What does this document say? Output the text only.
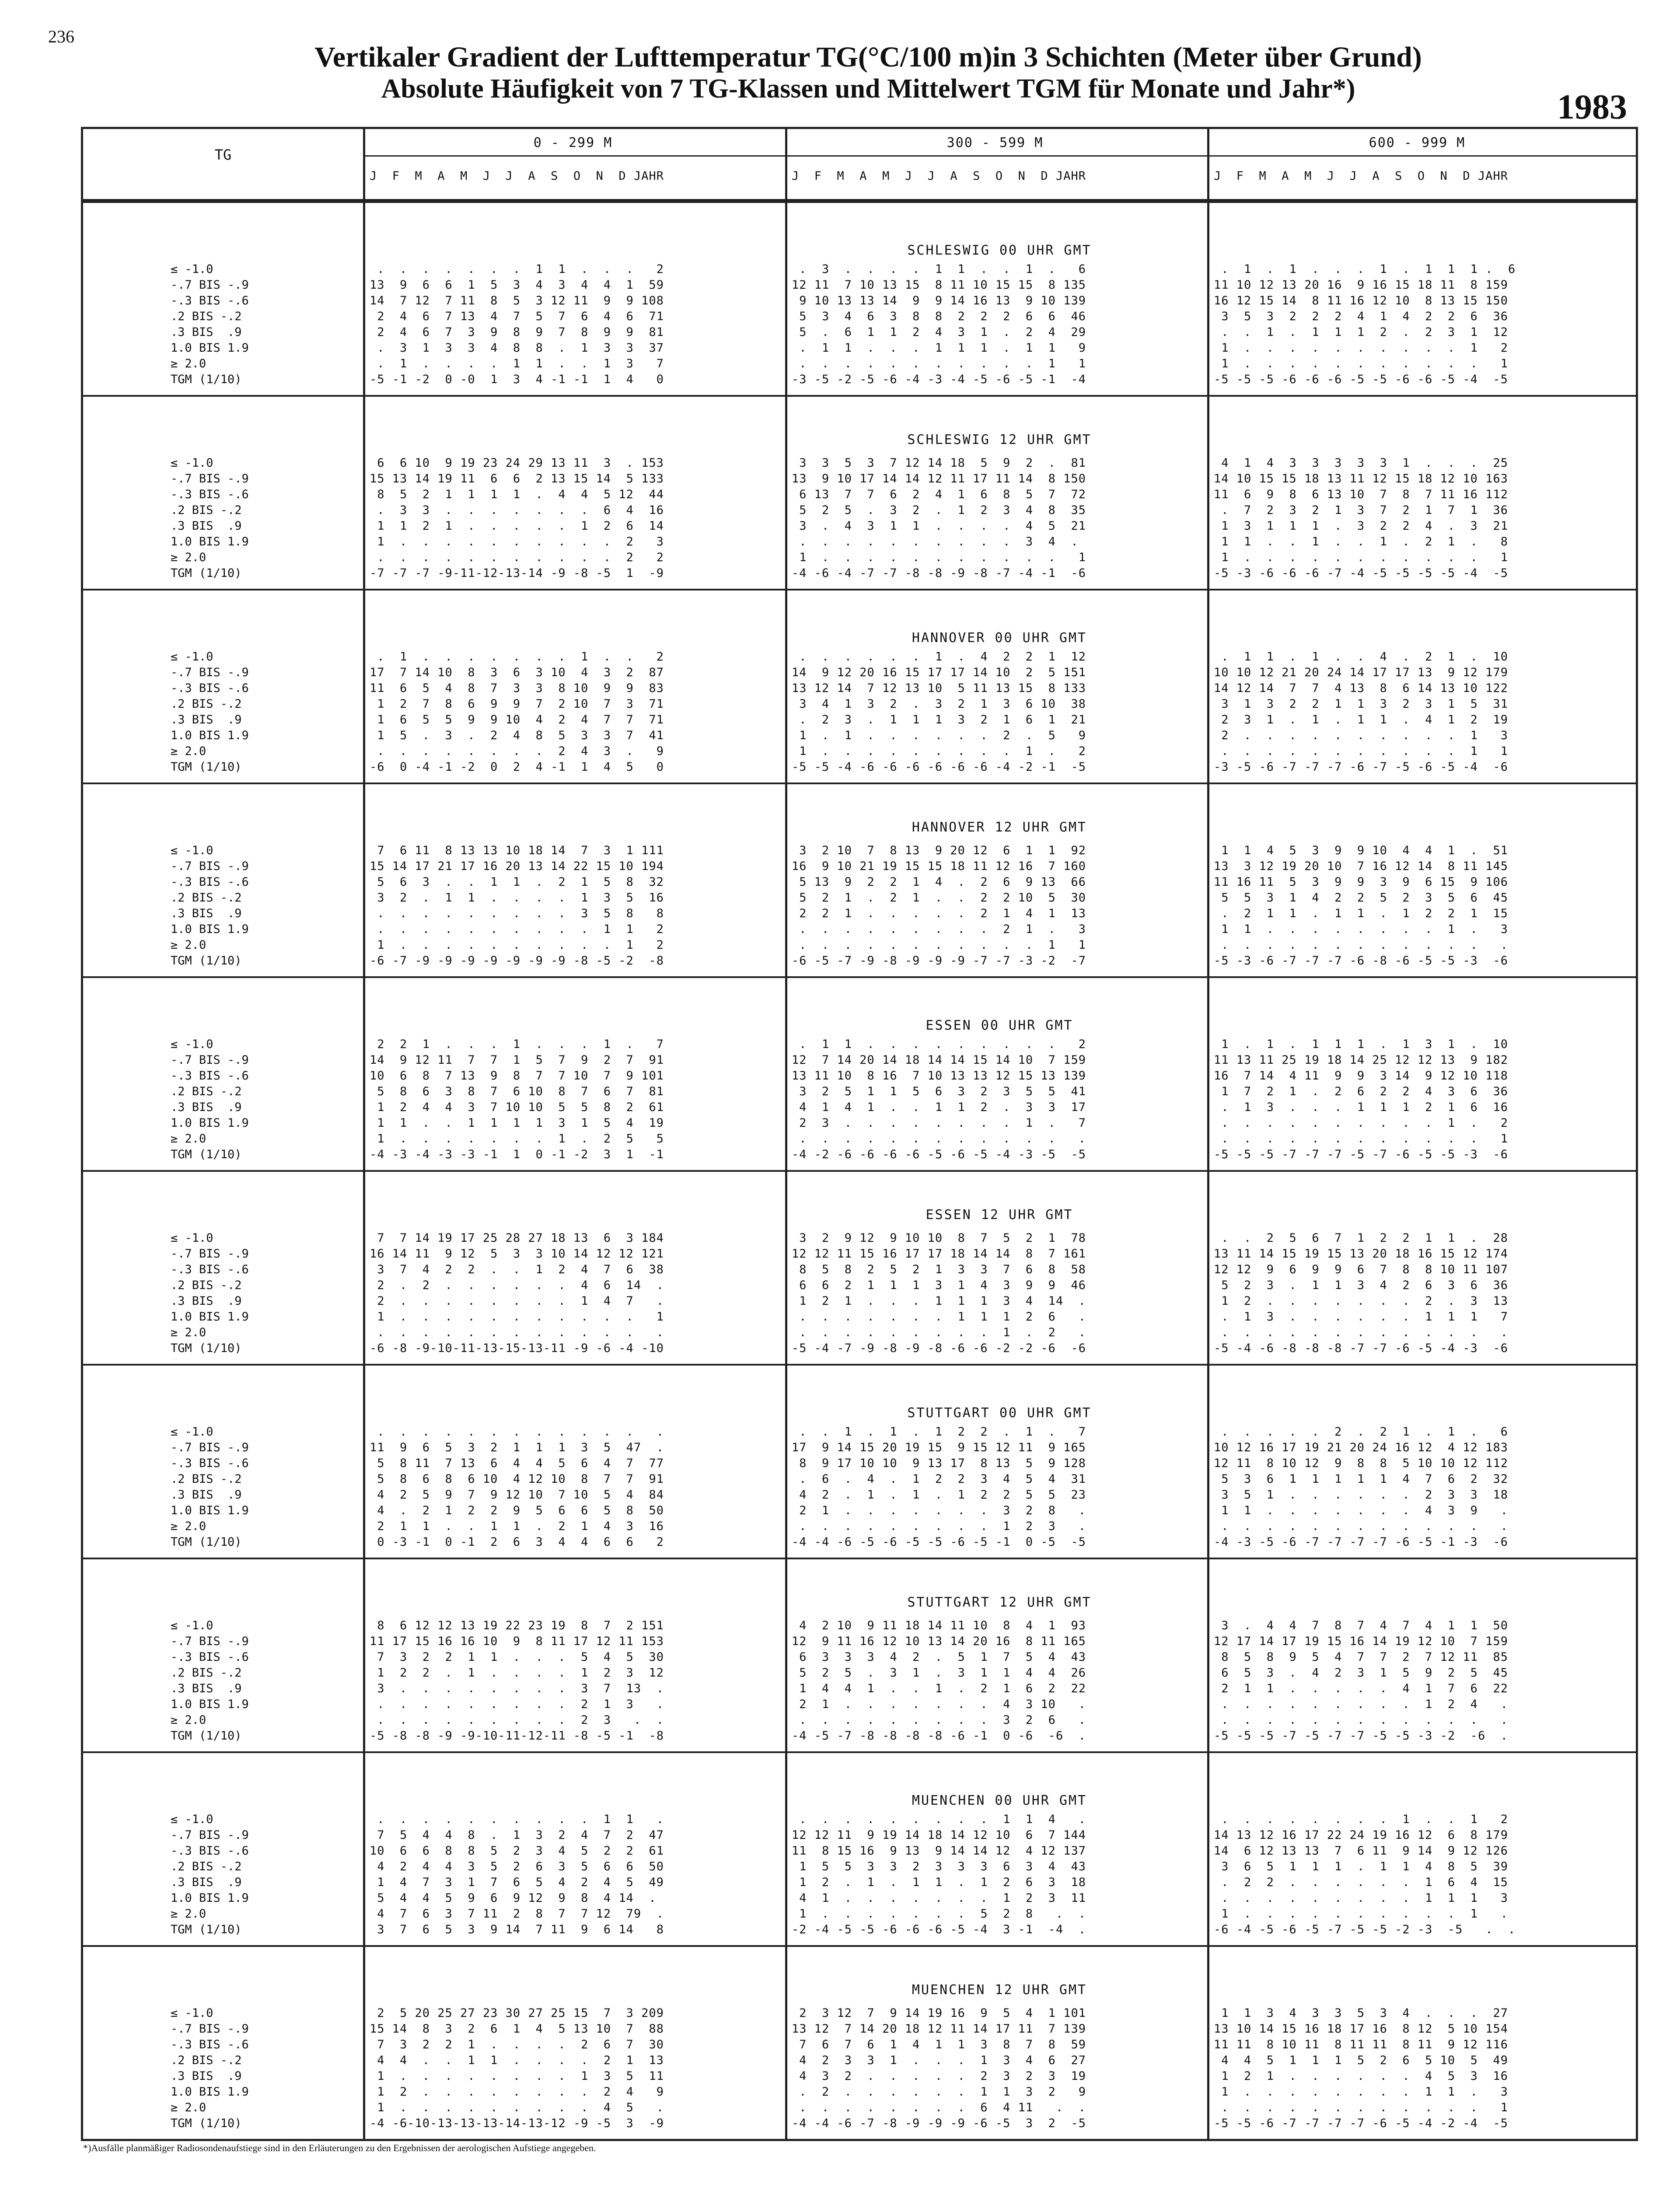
236
Vertikaler Gradient der Lufttemperatur TG(°C/100 m)in 3 Schichten (Meter über Grund)
Absolute Häufigkeit von 7 TG-Klassen und Mittelwert TGM für Monate und Jahr*)	1983
TG
0 - 299 M	300 - 599 M	600 - 999 M
J  F  M  A  M  J  J  A  S  O  N  D JAHR	J  F  M  A  M  J  J  A  S  O  N  D JAHR	J  F  M  A  M  J  J  A  S  O  N  D JAHR
SCHLESWIG 00 UHR GMT
≤ -1.0	.  .  .  .  .  .  .  1  1  .  .  .   2	.  3  .  .  .  .  1  1  .  .  1  .   6	.  1  .  1  .  .  .  1  .  1  1  1 .  6
-.7 BIS -.9	13  9  6  6  1  5  3  4  3  4  4  1  59	12 11  7 10 13 15  8 11 10 15 15  8 135	11 10 12 13 20 16  9 16 15 18 11  8 159
-.3 BIS -.6	14  7 12  7 11  8  5  3 12 11  9  9 108	9 10 13 13 14  9  9 14 16 13  9 10 139	16 12 15 14  8 11 16 12 10  8 13 15 150
.2 BIS -.2	2  4  6  7 13  4  7  5  7  6  4  6  71	5  3  4  6  3  8  8  2  2  2  6  6  46	3  5  3  2  2  2  4  1  4  2  2  6  36
.3 BIS  .9	2  4  6  7  3  9  8  9  7  8  9  9  81	5  .  6  1  1  2  4  3  1  .  2  4  29	.  .  1  .  1  1  1  2  .  2  3  1  12
1.0 BIS 1.9	.  3  1  3  3  4  8  8  .  1  3  3  37	.  1  1  .  .  .  1  1  1  .  1  1   9	1  .  .  .  .  .  .  .  .  .  .  1   2
≥ 2.0	.  1  .  .  .  .  1  1  .  .  1  3   7	.  .  .  .  .  .  .  .  .  .  .  1   1	1  .  .  .  .  .  .  .  .  .  .  .   1
TGM (1/10)	-5 -1 -2  0 -0  1  3  4 -1 -1  1  4   0	-3 -5 -2 -5 -6 -4 -3 -4 -5 -6 -5 -1  -4	-5 -5 -5 -6 -6 -6 -5 -5 -6 -6 -5 -4  -5
SCHLESWIG 12 UHR GMT
≤ -1.0	6  6 10  9 19 23 24 29 13 11  3  . 153	3  3  5  3  7 12 14 18  5  9  2  .  81	4  1  4  3  3  3  3  3  1  .  .  .  25
-.7 BIS -.9	15 13 14 19 11  6  6  2 13 15 14  5 133	13  9 10 17 14 14 12 11 17 11 14  8 150	14 10 15 15 18 13 11 12 15 18 12 10 163
-.3 BIS -.6	8  5  2  1  1  1  1  .  4  4  5 12  44	6 13  7  7  6  2  4  1  6  8  5  7  72	11  6  9  8  6 13 10  7  8  7 11 16 112
.2 BIS -.2	.  3  3  .  .  .  .  .  .  .  6  4  16	5  2  5  .  3  2  .  1  2  3  4  8  35	.  7  2  3  2  1  3  7  2  1  7  1  36
.3 BIS  .9	1  1  2  1  .  .  .  .  .  1  2  6  14	3  .  4  3  1  1  .  .  .  .  4  5  21	1  3  1  1  1  .  3  2  2  4  .  3  21
1.0 BIS 1.9	1  .  .  .  .  .  .  .  .  .  .  2   3	.  .  .  .  .  .  .  .  .  .  3  4  .	1  1  .  .  1  .  .  1  .  2  1  .   8
≥ 2.0	.  .  .  .  .  .  .  .  .  .  .  2   2	1  .  .  .  .  .  .  .  .  .  .  .   1	1  .  .  .  .  .  .  .  .  .  .  .   1
TGM (1/10)	-7 -7 -7 -9-11-12-13-14 -9 -8 -5  1  -9	-4 -6 -4 -7 -7 -8 -8 -9 -8 -7 -4 -1  -6	-5 -3 -6 -6 -6 -7 -4 -5 -5 -5 -5 -4  -5
HANNOVER 00 UHR GMT
≤ -1.0	.  1  .  .  .  .  .  .  .  1  .  .   2	.  .  .  .  .  .  1  .  4  2  2  1  12	.  1  1  .  1  .  .  4  .  2  1  .  10
-.7 BIS -.9	17  7 14 10  8  3  6  3 10  4  3  2  87	14  9 12 20 16 15 17 17 14 10  2  5 151	10 10 12 21 20 24 14 17 17 13  9 12 179
-.3 BIS -.6	11  6  5  4  8  7  3  3  8 10  9  9  83	13 12 14  7 12 13 10  5 11 13 15  8 133	14 12 14  7  7  4 13  8  6 14 13 10 122
.2 BIS -.2	1  2  7  8  6  9  9  7  2 10  7  3  71	3  4  1  3  2  .  3  2  1  3  6 10  38	3  1  3  2  2  1  1  3  2  3  1  5  31
.3 BIS  .9	1  6  5  5  9  9 10  4  2  4  7  7  71	.  2  3  .  1  1  1  3  2  1  6  1  21	2  3  1  .  1  .  1  1  .  4  1  2  19
1.0 BIS 1.9	1  5  .  3  .  2  4  8  5  3  3  7  41	1  .  1  .  .  .  .  .  .  2  .  5   9	2  .  .  .  .  .  .  .  .  .  .  1   3
≥ 2.0	.  .  .  .  .  .  .  .  2  4  3  .   9	1  .  .  .  .  .  .  .  .  .  1  .   2	.  .  .  .  .  .  .  .  .  .  .  1   1
TGM (1/10)	-6  0 -4 -1 -2  0  2  4 -1  1  4  5   0	-5 -5 -4 -6 -6 -6 -6 -6 -6 -4 -2 -1  -5	-3 -5 -6 -7 -7 -7 -6 -7 -5 -6 -5 -4  -6
HANNOVER 12 UHR GMT
≤ -1.0	7  6 11  8 13 13 10 18 14  7  3  1 111	3  2 10  7  8 13  9 20 12  6  1  1  92	1  1  4  5  3  9  9 10  4  4  1  .  51
-.7 BIS -.9	15 14 17 21 17 16 20 13 14 22 15 10 194	16  9 10 21 19 15 15 18 11 12 16  7 160	13  3 12 19 20 10  7 16 12 14  8 11 145
-.3 BIS -.6	5  6  3  .  .  1  1  .  2  1  5  8  32	5 13  9  2  2  1  4  .  2  6  9 13  66	11 16 11  5  3  9  9  3  9  6 15  9 106
.2 BIS -.2	3  2  .  1  1  .  .  .  .  1  3  5  16	5  2  1  .  2  1  .  .  2  2 10  5  30	5  5  3  1  4  2  2  5  2  3  5  6  45
.3 BIS  .9	.  .  .  .  .  .  .  .  .  3  5  8   8	2  2  1  .  .  .  .  .  2  1  4  1  13	.  2  1  1  .  1  1  .  1  2  2  1  15
1.0 BIS 1.9	.  .  .  .  .  .  .  .  .  .  1  1   2	.  .  .  .  .  .  .  .  .  2  1  .   3	1  1  .  .  .  .  .  .  .  .  1  .   3
≥ 2.0	1  .  .  .  .  .  .  .  .  .  .  1   2	.  .  .  .  .  .  .  .  .  .  .  1   1	.  .  .  .  .  .  .  .  .  .  .  .   .
TGM (1/10)	-6 -7 -9 -9 -9 -9 -9 -9 -9 -8 -5 -2  -8	-6 -5 -7 -9 -8 -9 -9 -9 -7 -7 -3 -2  -7	-5 -3 -6 -7 -7 -7 -6 -8 -6 -5 -5 -3  -6
ESSEN 00 UHR GMT
≤ -1.0	2  2  1  .  .  .  1  .  .  .  1  .   7	.  1  1  .  .  .  .  .  .  .  .  .   2	1  .  1  .  1  1  1  .  1  3  1  .  10
-.7 BIS -.9	14  9 12 11  7  7  1  5  7  9  2  7  91	12  7 14 20 14 18 14 14 15 14 10  7 159	11 13 11 25 19 18 14 25 12 12 13  9 182
-.3 BIS -.6	10  6  8  7 13  9  8  7  7 10  7  9 101	13 11 10  8 16  7 10 13 13 12 15 13 139	16  7 14  4 11  9  9  3 14  9 12 10 118
.2 BIS -.2	5  8  6  3  8  7  6 10  8  7  6  7  81	3  2  5  1  1  5  6  3  2  3  5  5  41	1  7  2  1  .  2  6  2  2  4  3  6  36
.3 BIS  .9	1  2  4  4  3  7 10 10  5  5  8  2  61	4  1  4  1  .  .  1  1  2  .  3  3  17	.  1  3  .  .  .  1  1  1  2  1  6  16
1.0 BIS 1.9	1  1  .  .  1  1  1  1  3  1  5  4  19	2  3  .  .  .  .  .  .  .  .  1  .   7	.  .  .  .  .  .  .  .  .  .  1  .   2
≥ 2.0	1  .  .  .  .  .  .  .  1  .  2  5   5	.  .  .  .  .  .  .  .  .  .  .  .   .	.  .  .  .  .  .  .  .  .  .  .  .   1
TGM (1/10)	-4 -3 -4 -3 -3 -1  1  0 -1 -2  3  1  -1	-4 -2 -6 -6 -6 -6 -5 -6 -5 -4 -3 -5  -5	-5 -5 -5 -7 -7 -7 -5 -7 -6 -5 -5 -3  -6
ESSEN 12 UHR GMT
≤ -1.0	7  7 14 19 17 25 28 27 18 13  6  3 184	3  2  9 12  9 10 10  8  7  5  2  1  78	.  .  2  5  6  7  1  2  2  1  1  .  28
-.7 BIS -.9	16 14 11  9 12  5  3  3 10 14 12 12 121	12 12 11 15 16 17 17 18 14 14  8  7 161	13 11 14 15 19 15 13 20 18 16 15 12 174
-.3 BIS -.6	3  7  4  2  2  .  .  1  2  4  7  6  38	8  5  8  2  5  2  1  3  3  7  6  8  58	12 12  9  6  9  9  6  7  8  8 10 11 107
.2 BIS -.2	2  .  2  .  .  .  .  .  .  4  6  14  .	6  6  2  1  1  1  3  1  4  3  9  9  46	5  2  3  .  1  1  3  4  2  6  3  6  36
.3 BIS  .9	2  .  .  .  .  .  .  .  .  1  4  7   .	1  2  1  .  .  .  1  1  1  3  4  14  .	1  2  .  .  .  .  .  .  .  2  .  3  13
1.0 BIS 1.9	1  .  .  .  .  .  .  .  .  .  .  .   1	.  .  .  .  .  .  .  1  1  1  2  6   .	.  1  3  .  .  .  .  .  .  1  1  1   7
≥ 2.0	.  .  .  .  .  .  .  .  .  .  .  .   .	.  .  .  .  .  .  .  .  .  1  .  2   .	.  .  .  .  .  .  .  .  .  .  .  .   .
TGM (1/10)	-6 -8 -9-10-11-13-15-13-11 -9 -6 -4 -10	-5 -4 -7 -9 -8 -9 -8 -6 -6 -2 -2 -6  -6	-5 -4 -6 -8 -8 -8 -7 -7 -6 -5 -4 -3  -6
STUTTGART 00 UHR GMT
≤ -1.0	.  .  .  .  .  .  .  .  .  .  .  .   .	.  .  1  .  1  .  1  2  2  .  1  .   7	.  .  .  .  .  2  .  2  1  .  1  .   6
-.7 BIS -.9	11  9  6  5  3  2  1  1  1  3  5  47  .	17  9 14 15 20 19 15  9 15 12 11  9 165	10 12 16 17 19 21 20 24 16 12  4 12 183
-.3 BIS -.6	5  8 11  7 13  6  4  4  5  6  4  7  77	8  9 17 10 10  9 13 17  8 13  5  9 128	12 11  8 10 12  9  8  8  5 10 10 12 112
.2 BIS -.2	5  8  6  8  6 10  4 12 10  8  7  7  91	.  6  .  4  .  1  2  2  3  4  5  4  31	5  3  6  1  1  1  1  1  4  7  6  2  32
.3 BIS  .9	4  2  5  9  7  9 12 10  7 10  5  4  84	4  2  .  1  .  1  .  1  2  2  5  5  23	3  5  1  .  .  .  .  .  .  2  3  3  18
1.0 BIS 1.9	4  .  2  1  2  2  9  5  6  6  5  8  50	2  1  .  .  .  .  .  .  .  3  2  8   .	1  1  .  .  .  .  .  .  .  4  3  9   .
≥ 2.0	2  1  1  .  .  1  1  .  2  1  4  3  16	.  .  .  .  .  .  .  .  .  1  2  3   .	.  .  .  .  .  .  .  .  .  .  .  .   .
TGM (1/10)	0 -3 -1  0 -1  2  6  3  4  4  6  6   2	-4 -4 -6 -5 -6 -5 -5 -6 -5 -1  0 -5  -5	-4 -3 -5 -6 -7 -7 -7 -7 -6 -5 -1 -3  -6
STUTTGART 12 UHR GMT
≤ -1.0	8  6 12 12 13 19 22 23 19  8  7  2 151	4  2 10  9 11 18 14 11 10  8  4  1  93	3  .  4  4  7  8  7  4  7  4  1  1  50
-.7 BIS -.9	11 17 15 16 16 10  9  8 11 17 12 11 153	12  9 11 16 12 10 13 14 20 16  8 11 165	12 17 14 17 19 15 16 14 19 12 10  7 159
-.3 BIS -.6	7  3  2  2  1  1  .  .  .  5  4  5  30	6  3  3  3  4  2  .  5  1  7  5  4  43	8  5  8  9  5  4  7  7  2  7 12 11  85
.2 BIS -.2	1  2  2  .  1  .  .  .  .  1  2  3  12	5  2  5  .  3  1  .  3  1  1  4  4  26	6  5  3  .  4  2  3  1  5  9  2  5  45
.3 BIS  .9	3  .  .  .  .  .  .  .  .  3  7  13  .	1  4  4  1  .  .  1  .  2  1  6  2  22	2  1  1  .  .  .  .  .  4  1  7  6  22
1.0 BIS 1.9	.  .  .  .  .  .  .  .  .  2  1  3   .	2  1  .  .  .  .  .  .  .  4  3 10   .	.  .  .  .  .  .  .  .  .  1  2  4   .
≥ 2.0	.  .  .  .  .  .  .  .  .  2  3   .  .	.  .  .  .  .  .  .  .  .  3  2  6   .	.  .  .  .  .  .  .  .  .  .  .  .   .
TGM (1/10)	-5 -8 -8 -9 -9-10-11-12-11 -8 -5 -1  -8	-4 -5 -7 -8 -8 -8 -8 -6 -1  0 -6  -6  .	-5 -5 -5 -7 -5 -7 -7 -5 -5 -3 -2  -6  .
MUENCHEN 00 UHR GMT
≤ -1.0	.  .  .  .  .  .  .  .  .  .  1  1   .	.  .  .  .  .  .  .  .  .  1  1  4   .	.  .  .  .  .  .  .  .  1  .  .  1   2
-.7 BIS -.9	7  5  4  4  8  .  1  3  2  4  7  2  47	12 12 11  9 19 14 18 14 12 10  6  7 144	14 13 12 16 17 22 24 19 16 12  6  8 179
-.3 BIS -.6	10  6  6  8  8  5  2  3  4  5  2  2  61	11  8 15 16  9 13  9 14 14 12  4 12 137	14  6 12 13 13  7  6 11  9 14  9 12 126
.2 BIS -.2	4  2  4  4  3  5  2  6  3  5  6  6  50	1  5  5  3  3  2  3  3  3  6  3  4  43	3  6  5  1  1  1  .  1  1  4  8  5  39
.3 BIS  .9	1  4  7  3  1  7  6  5  4  2  4  5  49	1  2  .  1  .  1  1  .  1  2  6  3  18	.  2  2  .  .  .  .  .  .  1  6  4  15
1.0 BIS 1.9	5  4  4  5  9  6  9 12  9  8  4 14  .	4  1  .  .  .  .  .  .  .  1  2  3  11	.  .  .  .  .  .  .  .  .  1  1  1   3
≥ 2.0	4  7  6  3  7 11  2  8  7  7 12  79  .	1  .  .  .  .  .  .  .  5  2  8   .  .	1  .  .  .  .  .  .  .  .  .  .  1   .
TGM (1/10)	3  7  6  5  3  9 14  7 11  9  6 14   8	-2 -4 -5 -5 -6 -6 -6 -5 -4  3 -1  -4  .	-6 -4 -5 -6 -5 -7 -5 -5 -2 -3  -5   .  .
MUENCHEN 12 UHR GMT
≤ -1.0	2  5 20 25 27 23 30 27 25 15  7  3 209	2  3 12  7  9 14 19 16  9  5  4  1 101	1  1  3  4  3  3  5  3  4  .  .  .  27
-.7 BIS -.9	15 14  8  3  2  6  1  4  5 13 10  7  88	13 12  7 14 20 18 12 11 14 17 11  7 139	13 10 14 15 16 18 17 16  8 12  5 10 154
-.3 BIS -.6	7  3  2  2  1  .  .  .  .  2  6  7  30	7  6  7  6  1  4  1  1  3  8  7  8  59	11 11  8 10 11  8 11 11  8 11  9 12 116
.2 BIS -.2	4  4  .  .  1  1  .  .  .  .  2  1  13	4  2  3  3  1  .  .  .  1  3  4  6  27	4  4  5  1  1  1  5  2  6  5 10  5  49
.3 BIS  .9	1  .  .  .  .  .  .  .  .  1  3  5  11	4  3  2  .  .  .  .  .  2  3  2  3  19	1  2  1  .  .  .  .  .  .  4  5  3  16
1.0 BIS 1.9	1  2  .  .  .  .  .  .  .  .  2  4   9	.  2  .  .  .  .  .  .  1  1  3  2   9	1  .  .  .  .  .  .  .  .  1  1  .   3
≥ 2.0	1  .  .  .  .  .  .  .  .  .  4  5   .	.  .  .  .  .  .  .  .  6  4 11   .  .	.  .  .  .  .  .  .  .  .  .  .  .   1
TGM (1/10)	-4 -6-10-13-13-13-14-13-12 -9 -5  3  -9	-4 -4 -6 -7 -8 -9 -9 -9 -6 -5  3  2  -5	-5 -5 -6 -7 -7 -7 -7 -6 -5 -4 -2 -4  -5
*)Ausfälle planmäßiger Radiosondenaufstiege sind in den Erläuterungen zu den Ergebnissen der aerologischen Aufstiege angegeben.
